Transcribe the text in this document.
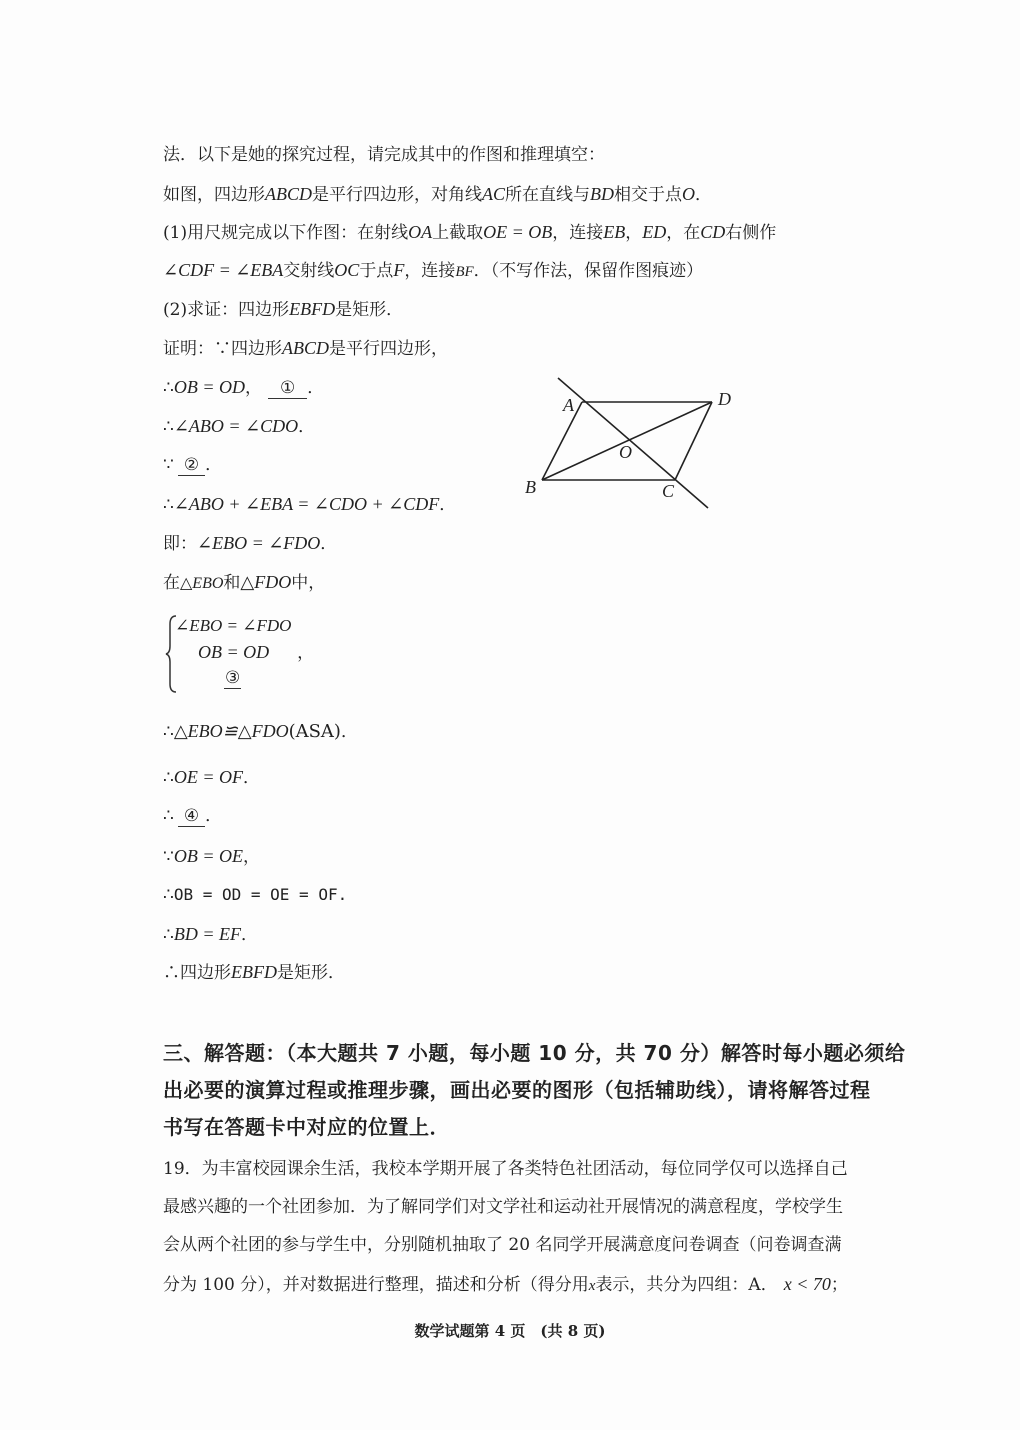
法．以下是她的探究过程，请完成其中的作图和推理填空：
如图，四边形ABCD是平行四边形，对角线AC所在直线与BD相交于点O．
(1)用尺规完成以下作图：在射线OA上截取OE = OB，连接EB，ED，在CD右侧作
∠CDF = ∠EBA交射线OC于点F，连接BF．（不写作法，保留作图痕迹）
(2)求证：四边形EBFD是矩形．
证明：∵四边形ABCD是平行四边形，
∴OB = OD， ① ．
∴∠ABO = ∠CDO．
∵ ② ．
∴∠ABO + ∠EBA = ∠CDO + ∠CDF．
即：∠EBO = ∠FDO．
在△EBO和△FDO中，
∠EBO = ∠FDO
OB = OD ，
③
∴△EBO≌△FDO(ASA)．
∴OE = OF．
∴ ④ ．
∵OB = OE，
∴OB = OD = OE = OF.
∴BD = EF．
∴四边形EBFD是矩形．
A	D
O
B	C
三、解答题：（本大题共 7 小题，每小题 10 分，共 70 分）解答时每小题必须给
出必要的演算过程或推理步骤，画出必要的图形（包括辅助线），请将解答过程
书写在答题卡中对应的位置上．
19．为丰富校园课余生活，我校本学期开展了各类特色社团活动，每位同学仅可以选择自己
最感兴趣的一个社团参加．为了解同学们对文学社和运动社开展情况的满意程度，学校学生
会从两个社团的参与学生中，分别随机抽取了 20 名同学开展满意度问卷调查（问卷调查满
分为 100 分），并对数据进行整理，描述和分析（得分用x表示，共分为四组：A． x < 70；
数学试题第 4 页　(共 8 页)
